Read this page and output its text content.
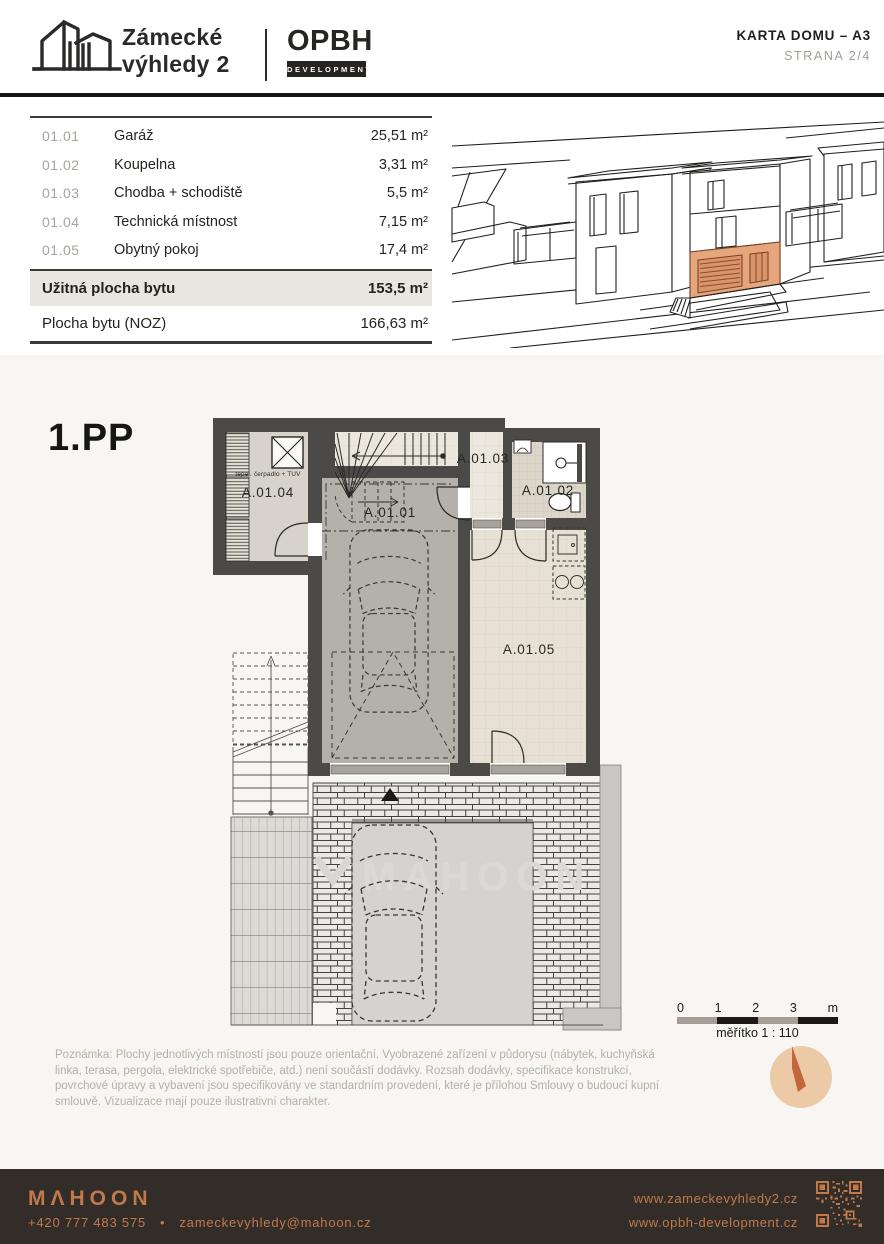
Zámecké
výhledy 2
OPBH
DEVELOPMENT
KARTA DOMU – A3
STRANA 2/4
01.01	Garáž	25,51 m²
01.02	Koupelna	3,31 m²
01.03	Chodba + schodiště	5,5 m²
01.04	Technická místnost	7,15 m²
01.05	Obytný pokoj	17,4 m²
Užitná plocha bytu	153,5 m²
Plocha bytu (NOZ)	166,63 m²
1.PP
MAHOON
A.01.01
A.01.02
A.01.03
A.01.04
A.01.05
tepel. čerpadlo + TUV
0 1 2 3 m
měřítko 1 : 110
Poznámka: Plochy jednotlivých místností jsou pouze orientační. Vyobrazené zařízení v půdorysu (nábytek, kuchyňská linka, terasa, pergola, elektrické spotřebiče, atd.) není součástí dodávky. Rozsah dodávky, specifikace konstrukcí, povrchové úpravy a vybavení jsou specifikovány ve standardním provedení, které je přílohou Smlouvy o budoucí kupní smlouvě. Vizualizace mají pouze ilustrativní charakter.
MΛHOON
+420 777 483 575 • zameckevyhledy@mahoon.cz
www.zameckevyhledy2.cz
www.opbh-development.cz
